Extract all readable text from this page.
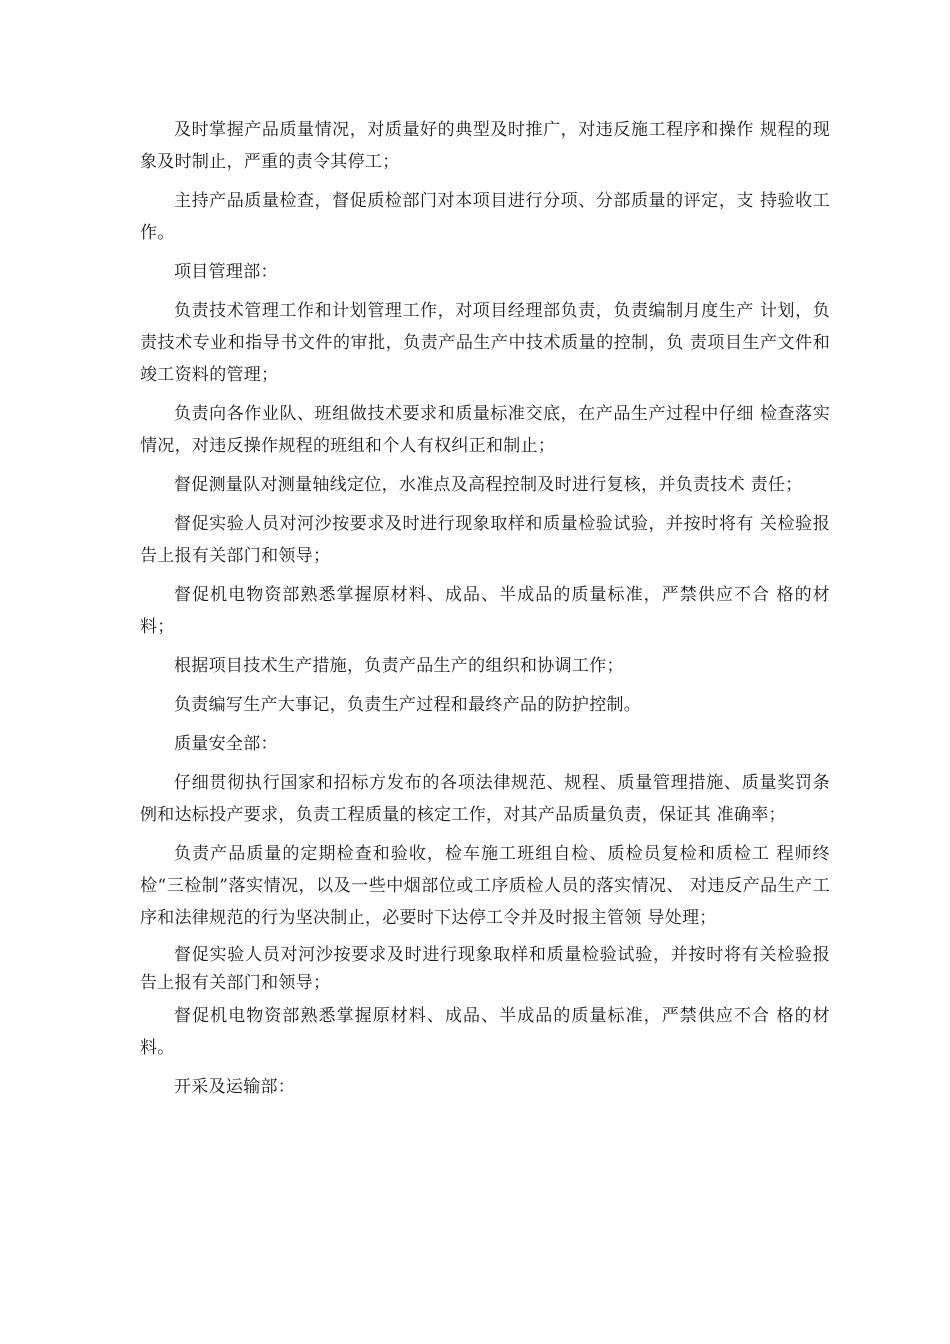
及时掌握产品质量情况，对质量好的典型及时推广，对违反施工程序和操作 规程的现象及时制止，严重的责令其停工；

主持产品质量检查，督促质检部门对本项目进行分项、分部质量的评定，支 持验收工作。

项目管理部：

负责技术管理工作和计划管理工作，对项目经理部负责，负责编制月度生产 计划，负责技术专业和指导书文件的审批，负责产品生产中技术质量的控制，负 责项目生产文件和竣工资料的管理；

负责向各作业队、班组做技术要求和质量标准交底，在产品生产过程中仔细 检查落实情况，对违反操作规程的班组和个人有权纠正和制止；

督促测量队对测量轴线定位，水准点及高程控制及时进行复核，并负责技术 责任；

督促实验人员对河沙按要求及时进行现象取样和质量检验试验，并按时将有 关检验报告上报有关部门和领导；

督促机电物资部熟悉掌握原材料、成品、半成品的质量标准，严禁供应不合 格的材料；

根据项目技术生产措施，负责产品生产的组织和协调工作；

负责编写生产大事记，负责生产过程和最终产品的防护控制。

质量安全部：

仔细贯彻执行国家和招标方发布的各项法律规范、规程、质量管理措施、质量奖罚条例和达标投产要求，负责工程质量的核定工作，对其产品质量负责，保证其 准确率；

负责产品质量的定期检查和验收，检车施工班组自检、质检员复检和质检工 程师终检“三检制”落实情况，以及一些中烟部位或工序质检人员的落实情况、 对违反产品生产工序和法律规范的行为坚决制止，必要时下达停工令并及时报主管领 导处理；

督促实验人员对河沙按要求及时进行现象取样和质量检验试验，并按时将有关检验报告上报有关部门和领导；

督促机电物资部熟悉掌握原材料、成品、半成品的质量标准，严禁供应不合 格的材料。

开采及运输部：
